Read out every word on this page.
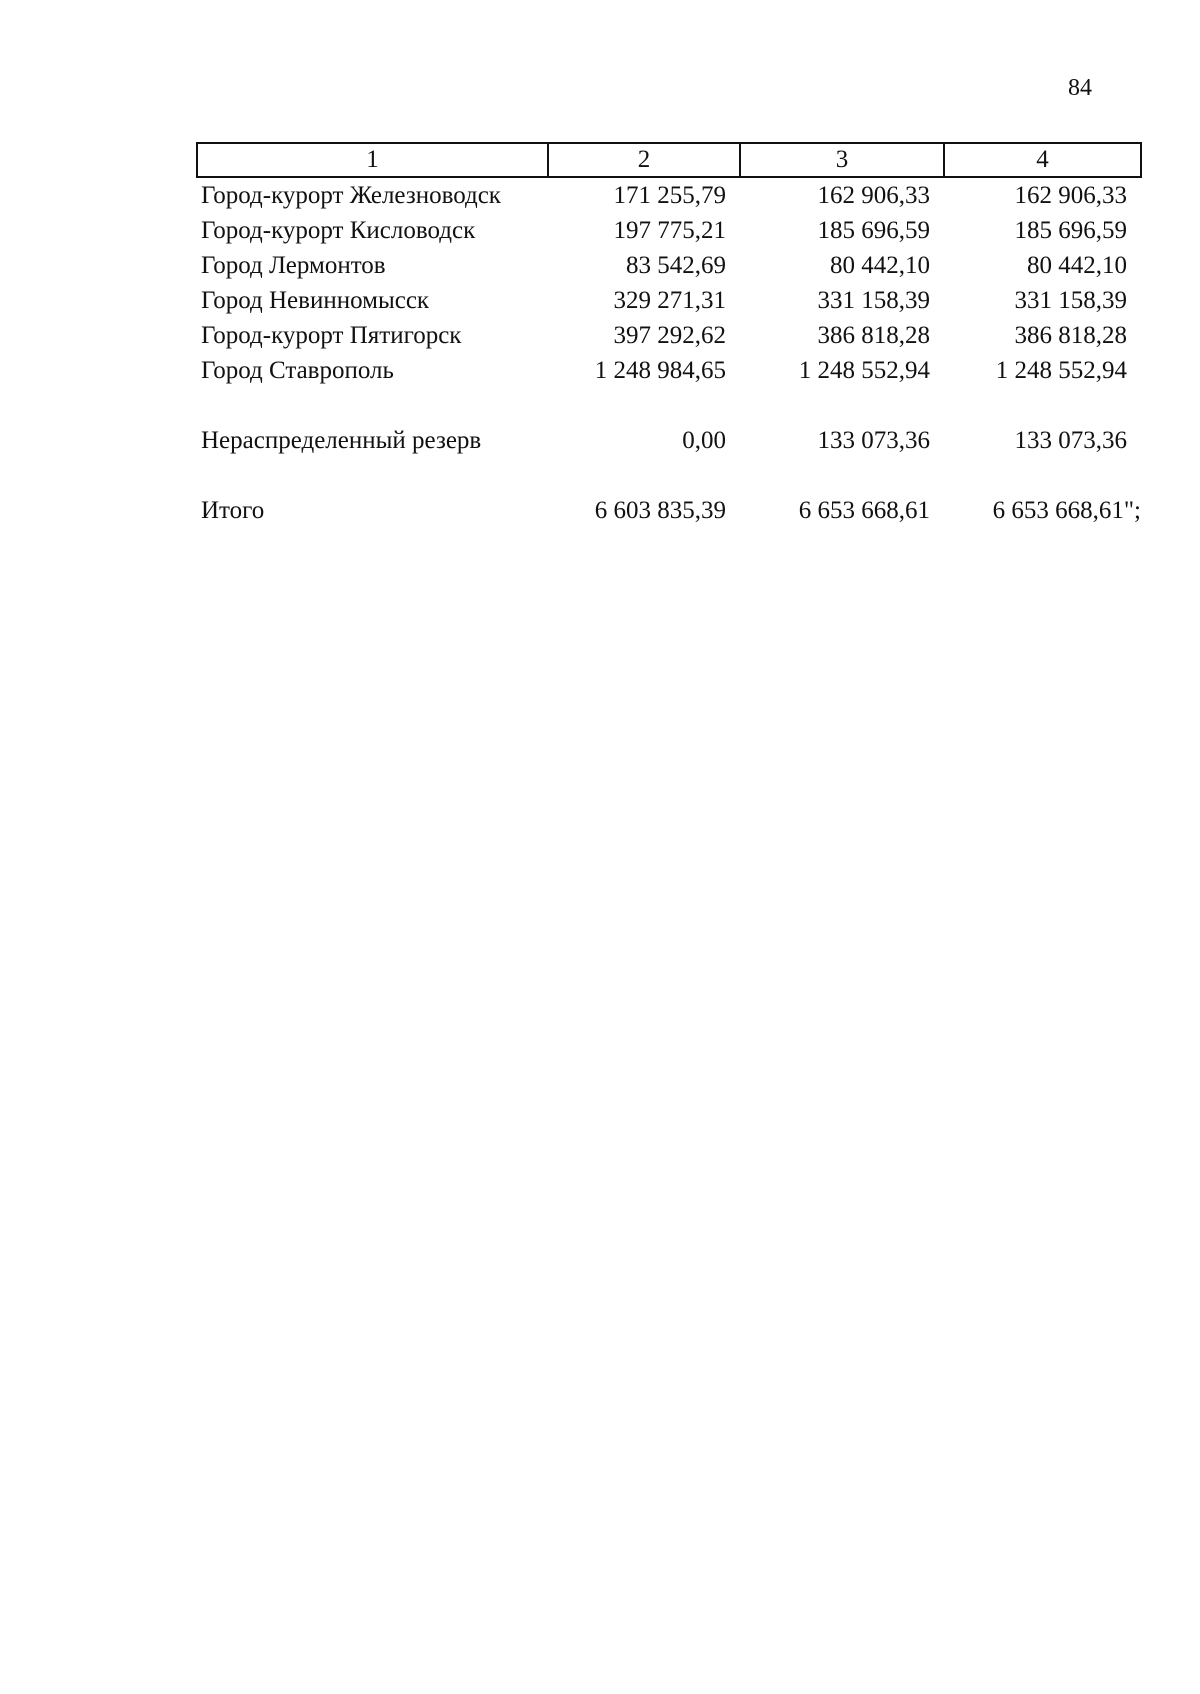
84
1	2	3	4
Город-курорт Железноводск	171 255,79	162 906,33	162 906,33
Город-курорт Кисловодск	197 775,21	185 696,59	185 696,59
Город Лермонтов	83 542,69	80 442,10	80 442,10
Город Невинномысск	329 271,31	331 158,39	331 158,39
Город-курорт Пятигорск	397 292,62	386 818,28	386 818,28
Город Ставрополь	1 248 984,65	1 248 552,94	1 248 552,94

Нераспределенный резерв	0,00	133 073,36	133 073,36

Итого	6 603 835,39	6 653 668,61	6 653 668,61";
